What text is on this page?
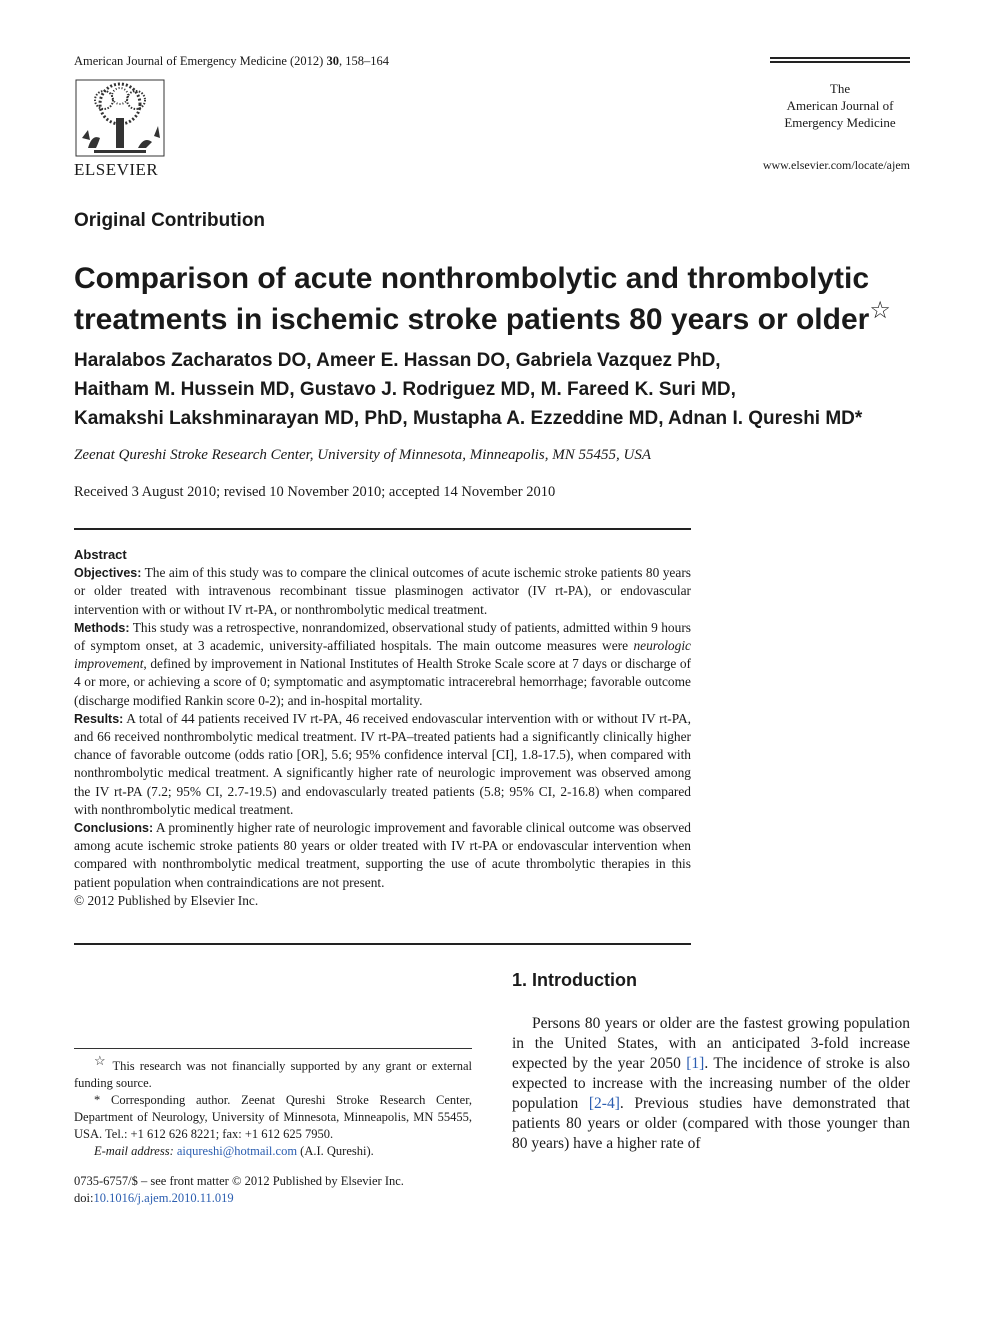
American Journal of Emergency Medicine (2012) 30, 158–164
ELSEVIER
The
American Journal of
Emergency Medicine
www.elsevier.com/locate/ajem
Original Contribution
Comparison of acute nonthrombolytic and thrombolytic treatments in ischemic stroke patients 80 years or older☆
Haralabos Zacharatos DO, Ameer E. Hassan DO, Gabriela Vazquez PhD,
Haitham M. Hussein MD, Gustavo J. Rodriguez MD, M. Fareed K. Suri MD,
Kamakshi Lakshminarayan MD, PhD, Mustapha A. Ezzeddine MD, Adnan I. Qureshi MD*
Zeenat Qureshi Stroke Research Center, University of Minnesota, Minneapolis, MN 55455, USA
Received 3 August 2010; revised 10 November 2010; accepted 14 November 2010
Abstract

Objectives: The aim of this study was to compare the clinical outcomes of acute ischemic stroke patients 80 years or older treated with intravenous recombinant tissue plasminogen activator (IV rt-PA), or endovascular intervention with or without IV rt-PA, or nonthrombolytic medical treatment.

Methods: This study was a retrospective, nonrandomized, observational study of patients, admitted within 9 hours of symptom onset, at 3 academic, university-affiliated hospitals. The main outcome measures were neurologic improvement, defined by improvement in National Institutes of Health Stroke Scale score at 7 days or discharge of 4 or more, or achieving a score of 0; symptomatic and asymptomatic intracerebral hemorrhage; favorable outcome (discharge modified Rankin score 0-2); and in-hospital mortality.

Results: A total of 44 patients received IV rt-PA, 46 received endovascular intervention with or without IV rt-PA, and 66 received nonthrombolytic medical treatment. IV rt-PA–treated patients had a significantly clinically higher chance of favorable outcome (odds ratio [OR], 5.6; 95% confidence interval [CI], 1.8-17.5), when compared with nonthrombolytic medical treatment. A significantly higher rate of neurologic improvement was observed among the IV rt-PA (7.2; 95% CI, 2.7-19.5) and endovascularly treated patients (5.8; 95% CI, 2-16.8) when compared with nonthrombolytic medical treatment.

Conclusions: A prominently higher rate of neurologic improvement and favorable clinical outcome was observed among acute ischemic stroke patients 80 years or older treated with IV rt-PA or endovascular intervention when compared with nonthrombolytic medical treatment, supporting the use of acute thrombolytic therapies in this patient population when contraindications are not present.

© 2012 Published by Elsevier Inc.

1. Introduction
Persons 80 years or older are the fastest growing population in the United States, with an anticipated 3-fold increase expected by the year 2050 [1]. The incidence of stroke is also expected to increase with the increasing number of the older population [2-4]. Previous studies have demonstrated that patients 80 years or older (compared with those younger than 80 years) have a higher rate of

☆ This research was not financially supported by any grant or external funding source.

* Corresponding author. Zeenat Qureshi Stroke Research Center, Department of Neurology, University of Minnesota, Minneapolis, MN 55455, USA. Tel.: +1 612 626 8221; fax: +1 612 625 7950.

E-mail address: aiqureshi@hotmail.com (A.I. Qureshi).

0735-6757/$ – see front matter © 2012 Published by Elsevier Inc.
doi:10.1016/j.ajem.2010.11.019
